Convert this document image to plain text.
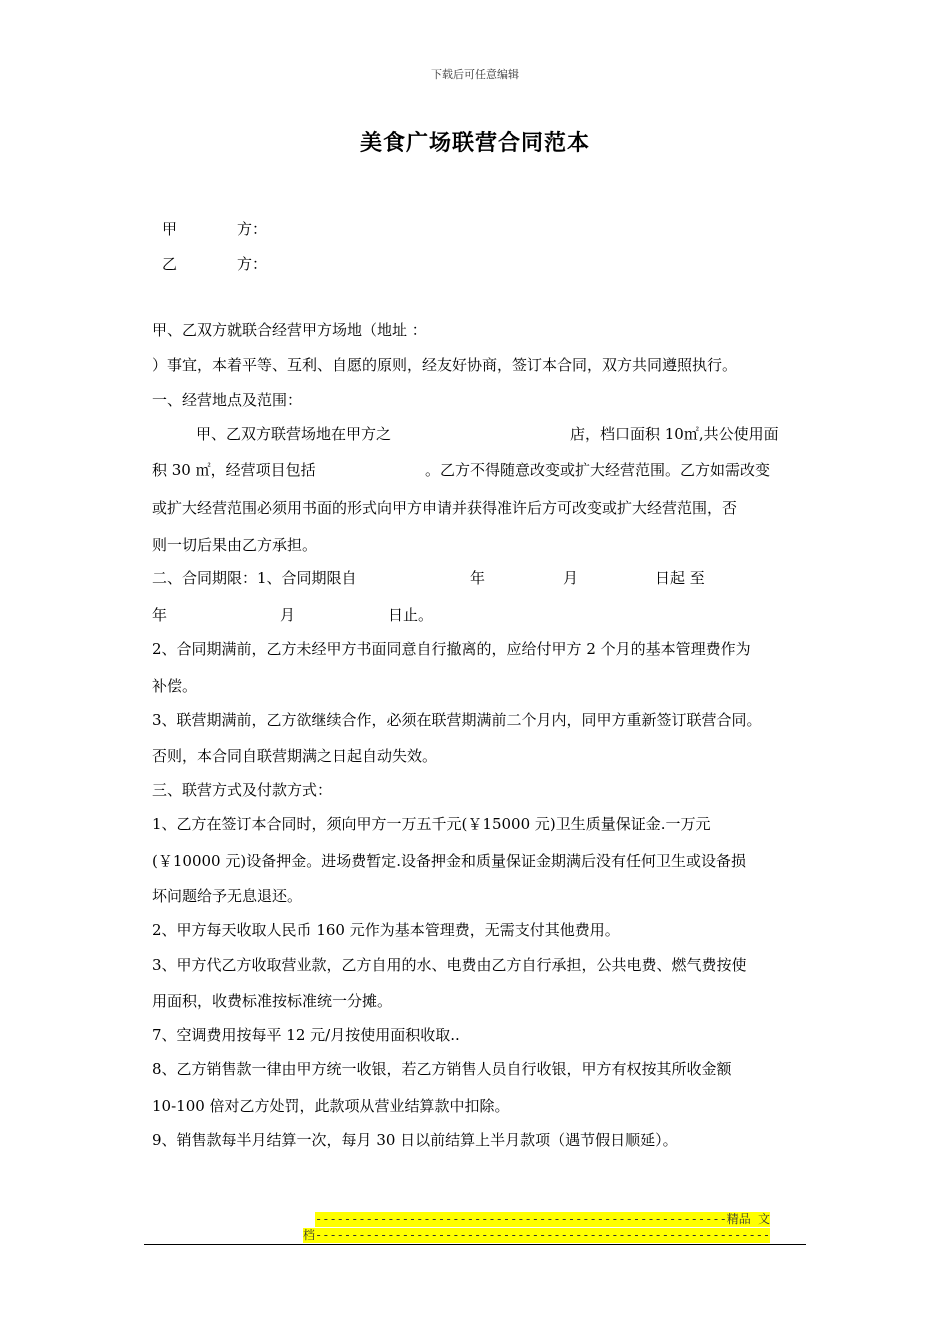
下载后可任意编辑
美食广场联营合同范本
甲	方：
乙	方：
甲、乙双方就联合经营甲方场地（地址 ：
）事宜，本着平等、互利、自愿的原则，经友好协商，签订本合同，双方共同遵照执行。
一、经营地点及范围：
甲、乙双方联营场地在甲方之	店，档口面积 10㎡,共公使用面
积 30 ㎡，经营项目包括	。乙方不得随意改变或扩大经营范围。乙方如需改变
或扩大经营范围必须用书面的形式向甲方申请并获得准许后方可改变或扩大经营范围，否
则一切后果由乙方承担。
二、合同期限：1、合同期限自	年	月	日起 至
年	月	日止。
2、合同期满前，乙方未经甲方书面同意自行撤离的，应给付甲方 2 个月的基本管理费作为
补偿。
3、联营期满前，乙方欲继续合作，必须在联营期满前二个月内，同甲方重新签订联营合同。
否则，本合同自联营期满之日起自动失效。
三、联营方式及付款方式：
1、乙方在签订本合同时，须向甲方一万五千元(￥15000 元)卫生质量保证金.一万元
(￥10000 元)设备押金。进场费暂定.设备押金和质量保证金期满后没有任何卫生或设备损
坏问题给予无息退还。
2、甲方每天收取人民币 160 元作为基本管理费，无需支付其他费用。
3、甲方代乙方收取营业款，乙方自用的水、电费由乙方自行承担，公共电费、燃气费按使
用面积，收费标准按标准统一分摊。
7、空调费用按每平 12 元/月按使用面积收取..
8、乙方销售款一律由甲方统一收银，若乙方销售人员自行收银，甲方有权按其所收金额
10-100 倍对乙方处罚，此款项从营业结算款中扣除。
9、销售款每半月结算一次，每月 30 日以前结算上半月款项（遇节假日顺延）。
---------------------------------------------------------精品 文
档---------------------------------------------------------------
